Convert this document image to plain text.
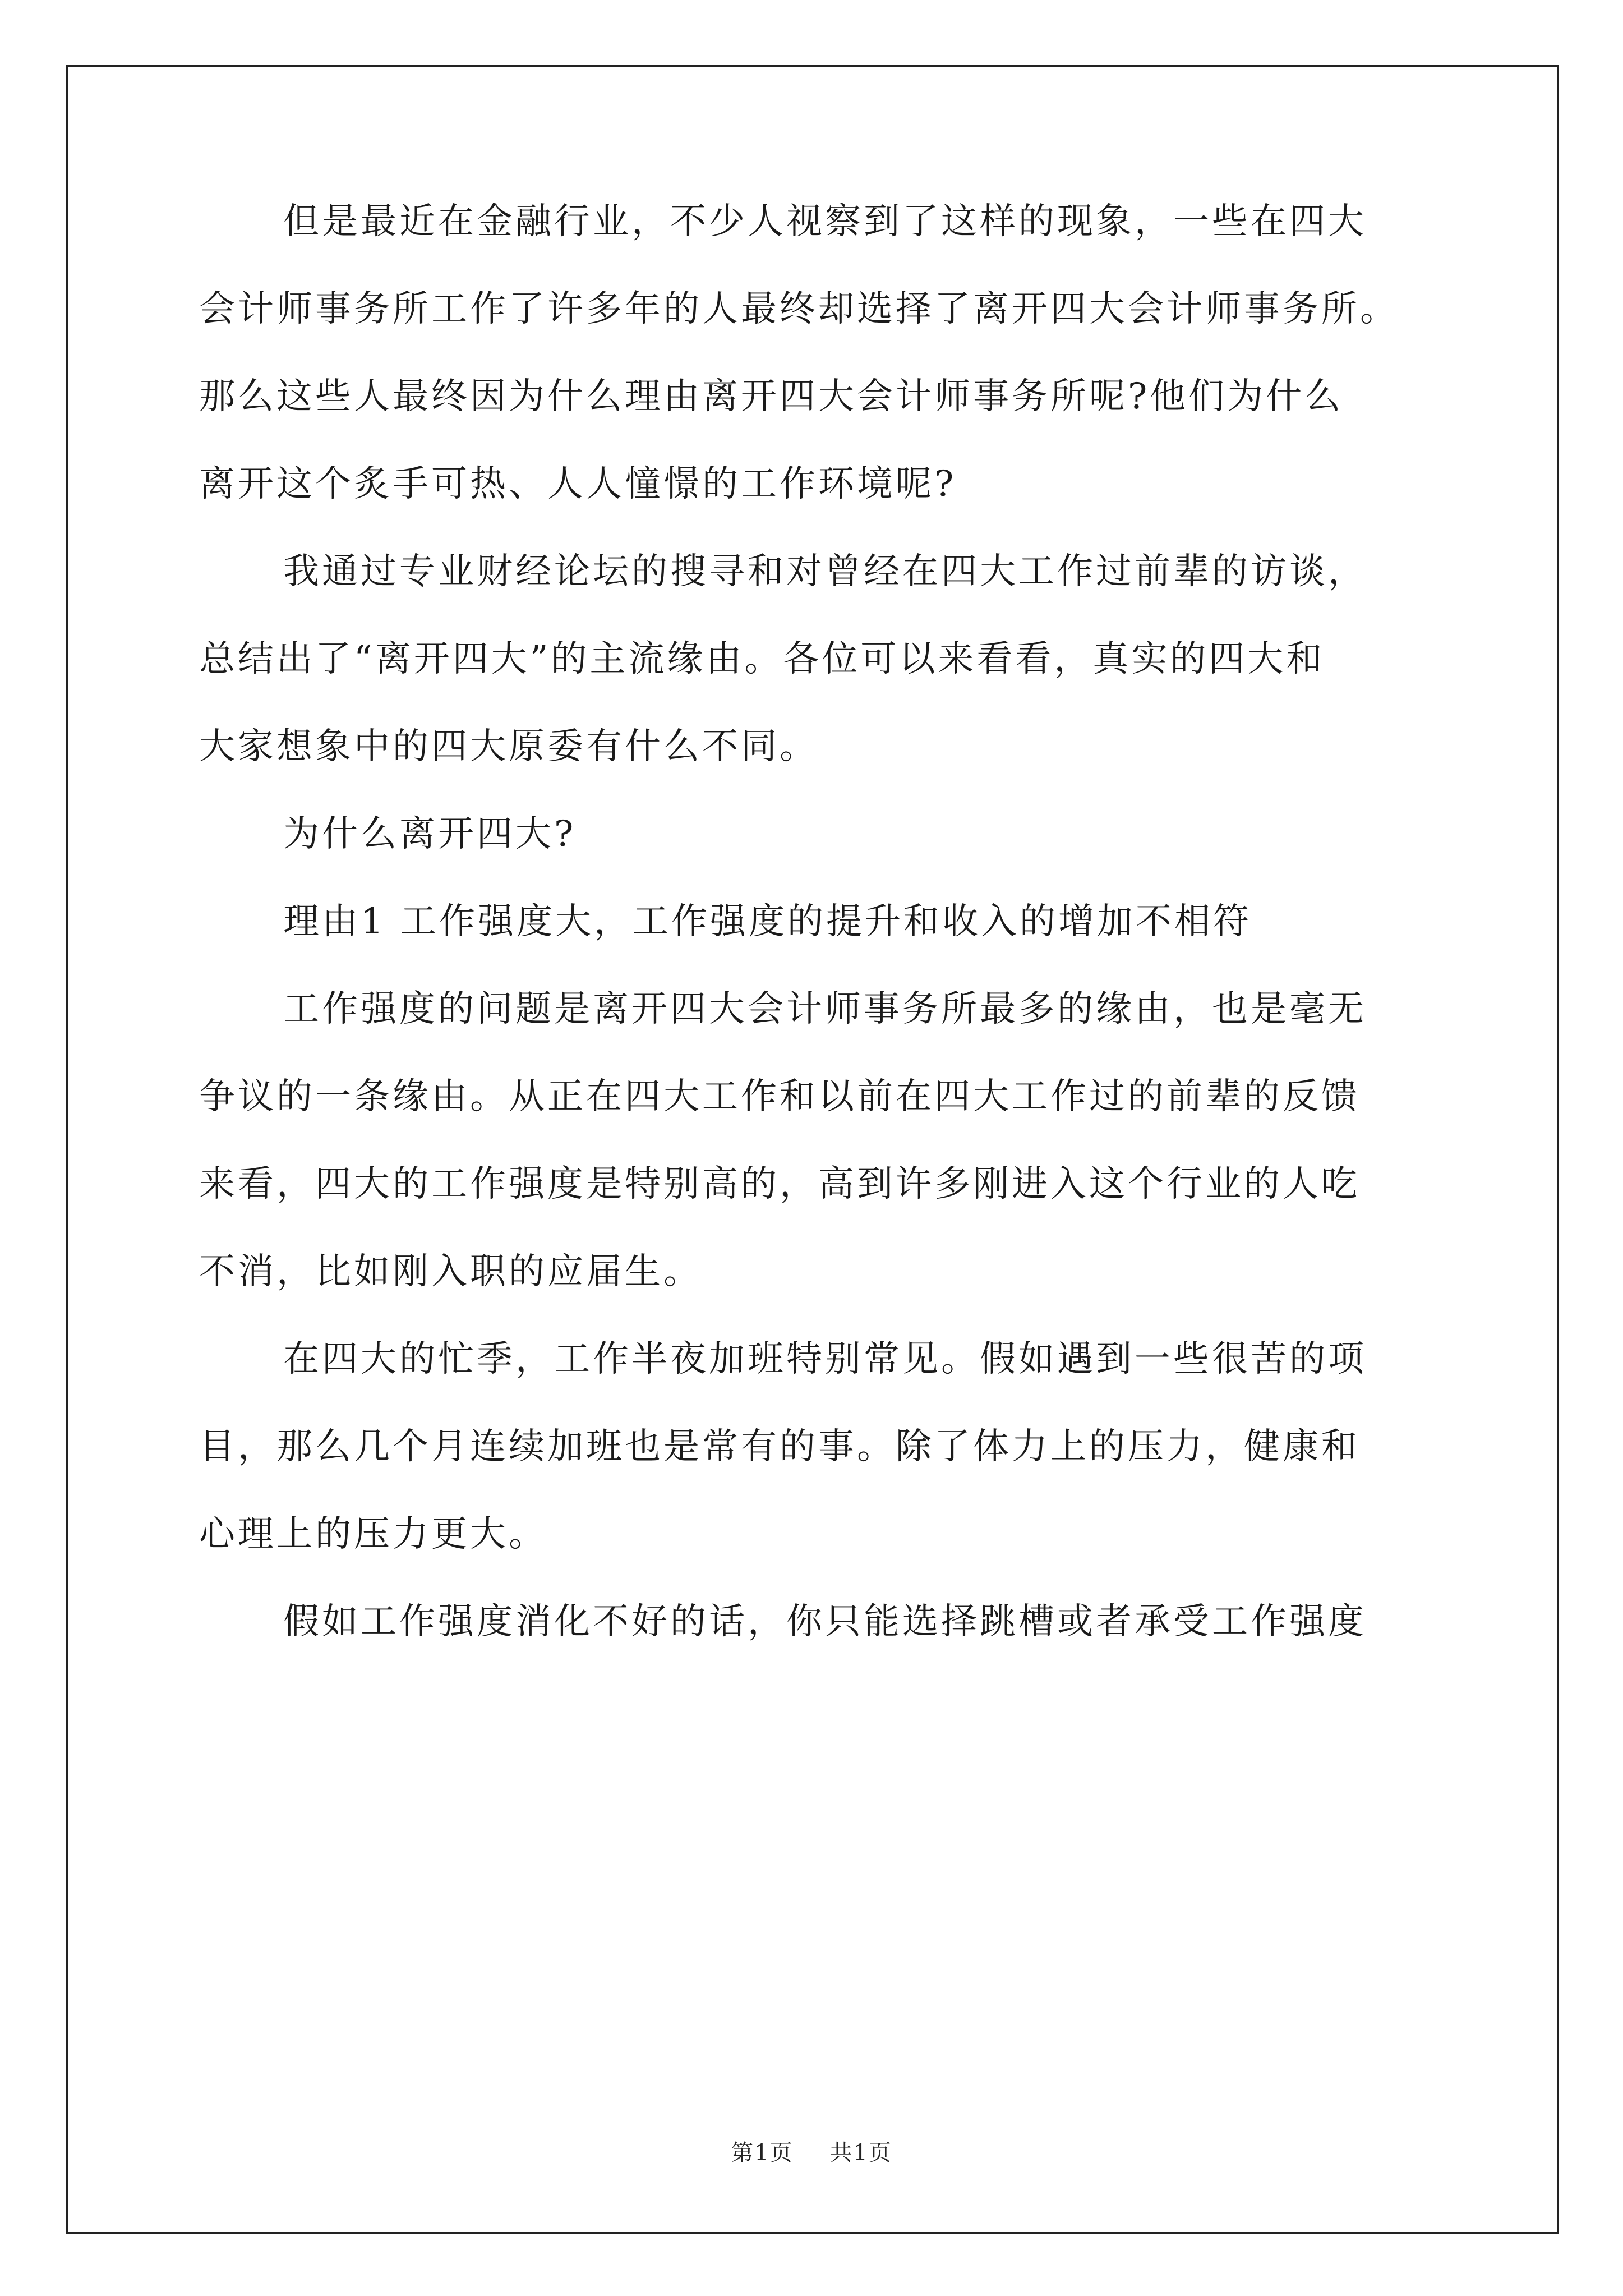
但是最近在金融行业，不少人视察到了这样的现象，一些在四大

会计师事务所工作了许多年的人最终却选择了离开四大会计师事务所。

那么这些人最终因为什么理由离开四大会计师事务所呢?他们为什么

离开这个炙手可热、人人憧憬的工作环境呢?

我通过专业财经论坛的搜寻和对曾经在四大工作过前辈的访谈，

总结出了“离开四大”的主流缘由。各位可以来看看，真实的四大和

大家想象中的四大原委有什么不同。

为什么离开四大?

理由1 工作强度大，工作强度的提升和收入的增加不相符

工作强度的问题是离开四大会计师事务所最多的缘由，也是毫无

争议的一条缘由。从正在四大工作和以前在四大工作过的前辈的反馈

来看，四大的工作强度是特别高的，高到许多刚进入这个行业的人吃

不消，比如刚入职的应届生。

在四大的忙季，工作半夜加班特别常见。假如遇到一些很苦的项

目，那么几个月连续加班也是常有的事。除了体力上的压力，健康和

心理上的压力更大。

假如工作强度消化不好的话，你只能选择跳槽或者承受工作强度

第1页 共1页
